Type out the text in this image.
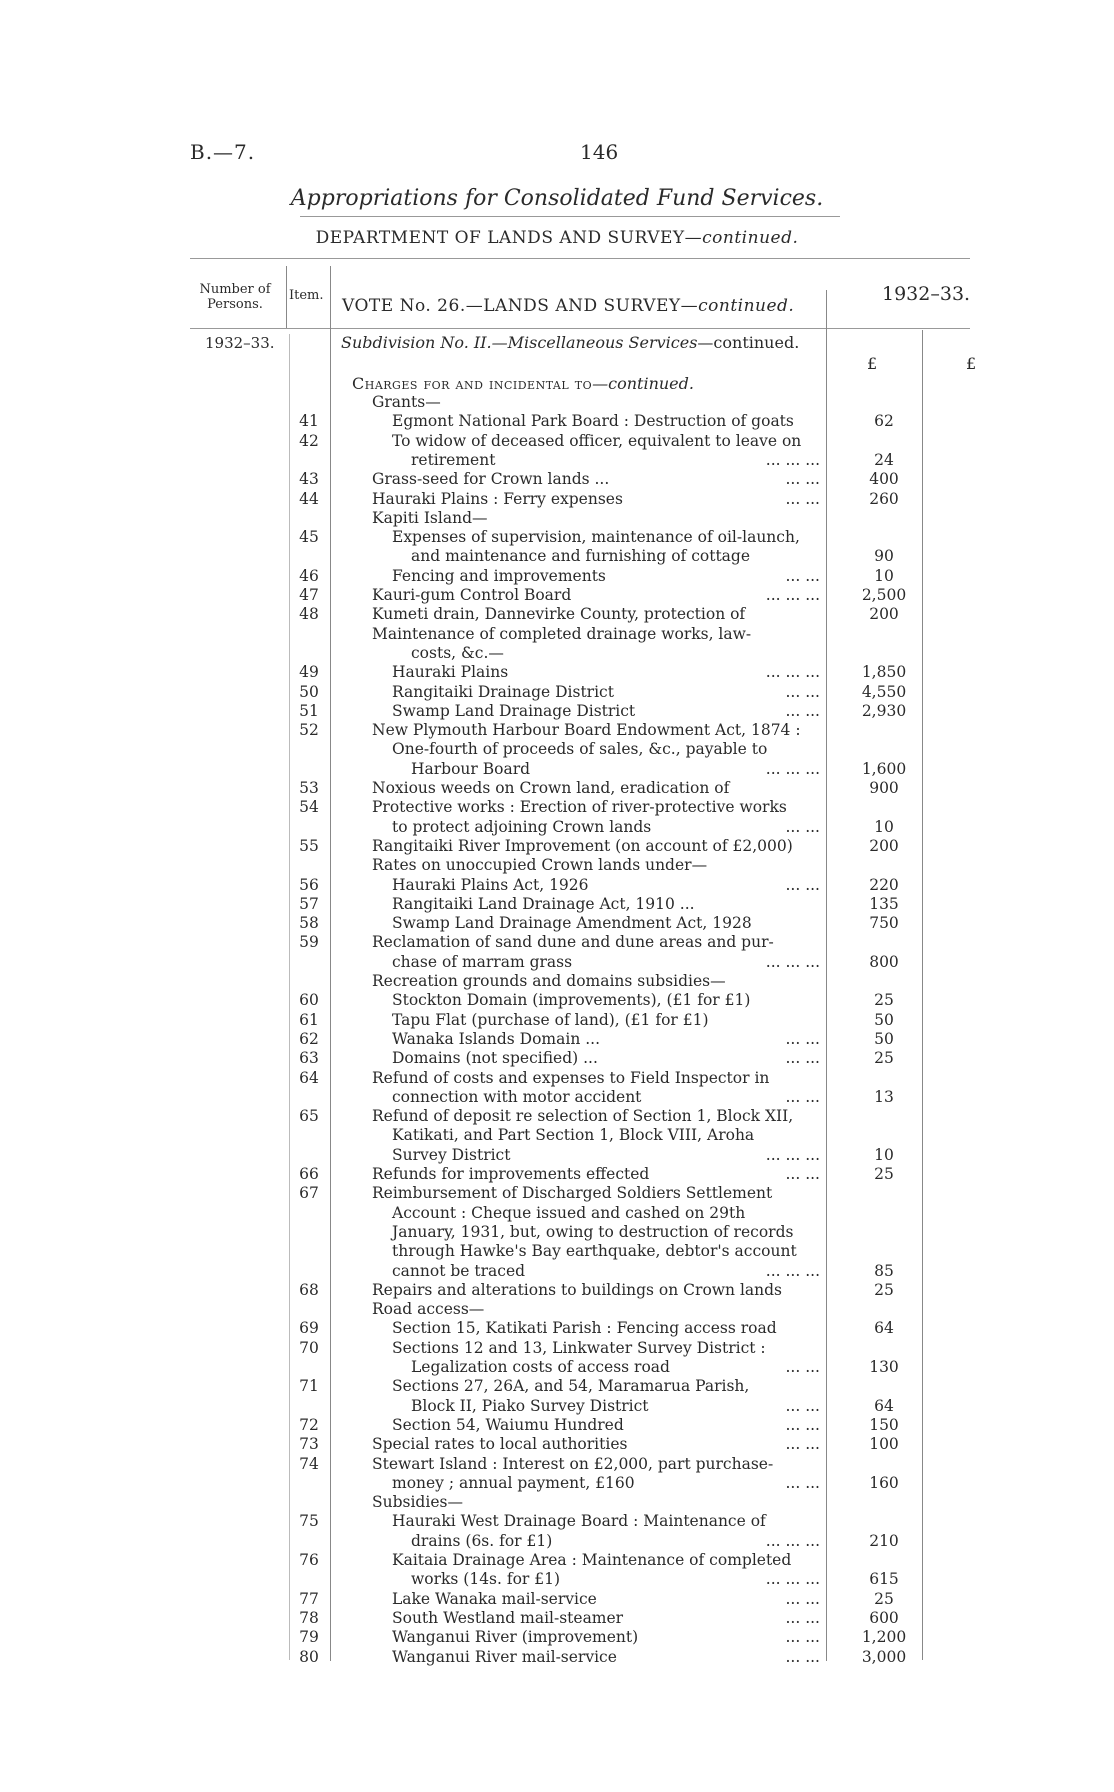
B.—7.	146
Appropriations for Consolidated Fund Services.
DEPARTMENT OF LANDS AND SURVEY—continued.
Number of Persons.
Item.
VOTE No. 26.—LANDS AND SURVEY—continued.
1932–33.
1932–33.	Subdivision No. II.—Miscellaneous Services—continued.
£	£
Charges for and incidental to—continued.
Grants—
41	Egmont National Park Board : Destruction of goats	62
42	To widow of deceased officer, equivalent to leave on
retirement	... ... ...	24
43	Grass-seed for Crown lands ...	... ...	400
44	Hauraki Plains : Ferry expenses	... ...	260
Kapiti Island—
45	Expenses of supervision, maintenance of oil-launch,
and maintenance and furnishing of cottage	90
46	Fencing and improvements	... ...	10
47	Kauri-gum Control Board	... ... ...	2,500
48	Kumeti drain, Dannevirke County, protection of	200
Maintenance of completed drainage works, law-
costs, &c.—
49	Hauraki Plains	... ... ...	1,850
50	Rangitaiki Drainage District	... ...	4,550
51	Swamp Land Drainage District	... ...	2,930
52	New Plymouth Harbour Board Endowment Act, 1874 :
One-fourth of proceeds of sales, &c., payable to
Harbour Board	... ... ...	1,600
53	Noxious weeds on Crown land, eradication of	900
54	Protective works : Erection of river-protective works
to protect adjoining Crown lands	... ...	10
55	Rangitaiki River Improvement (on account of £2,000)	200
Rates on unoccupied Crown lands under—
56	Hauraki Plains Act, 1926	... ...	220
57	Rangitaiki Land Drainage Act, 1910 ...	135
58	Swamp Land Drainage Amendment Act, 1928	750
59	Reclamation of sand dune and dune areas and pur-
chase of marram grass	... ... ...	800
Recreation grounds and domains subsidies—
60	Stockton Domain (improvements), (£1 for £1)	25
61	Tapu Flat (purchase of land), (£1 for £1)	50
62	Wanaka Islands Domain ...	... ...	50
63	Domains (not specified) ...	... ...	25
64	Refund of costs and expenses to Field Inspector in
connection with motor accident	... ...	13
65	Refund of deposit re selection of Section 1, Block XII,
Katikati, and Part Section 1, Block VIII, Aroha
Survey District	... ... ...	10
66	Refunds for improvements effected	... ...	25
67	Reimbursement of Discharged Soldiers Settlement
Account : Cheque issued and cashed on 29th
January, 1931, but, owing to destruction of records
through Hawke's Bay earthquake, debtor's account
cannot be traced	... ... ...	85
68	Repairs and alterations to buildings on Crown lands	25
Road access—
69	Section 15, Katikati Parish : Fencing access road	64
70	Sections 12 and 13, Linkwater Survey District :
Legalization costs of access road	... ...	130
71	Sections 27, 26A, and 54, Maramarua Parish,
Block II, Piako Survey District	... ...	64
72	Section 54, Waiumu Hundred	... ...	150
73	Special rates to local authorities	... ...	100
74	Stewart Island : Interest on £2,000, part purchase-
money ; annual payment, £160	... ...	160
Subsidies—
75	Hauraki West Drainage Board : Maintenance of
drains (6s. for £1)	... ... ...	210
76	Kaitaia Drainage Area : Maintenance of completed
works (14s. for £1)	... ... ...	615
77	Lake Wanaka mail-service	... ...	25
78	South Westland mail-steamer	... ...	600
79	Wanganui River (improvement)	... ...	1,200
80	Wanganui River mail-service	... ...	3,000
